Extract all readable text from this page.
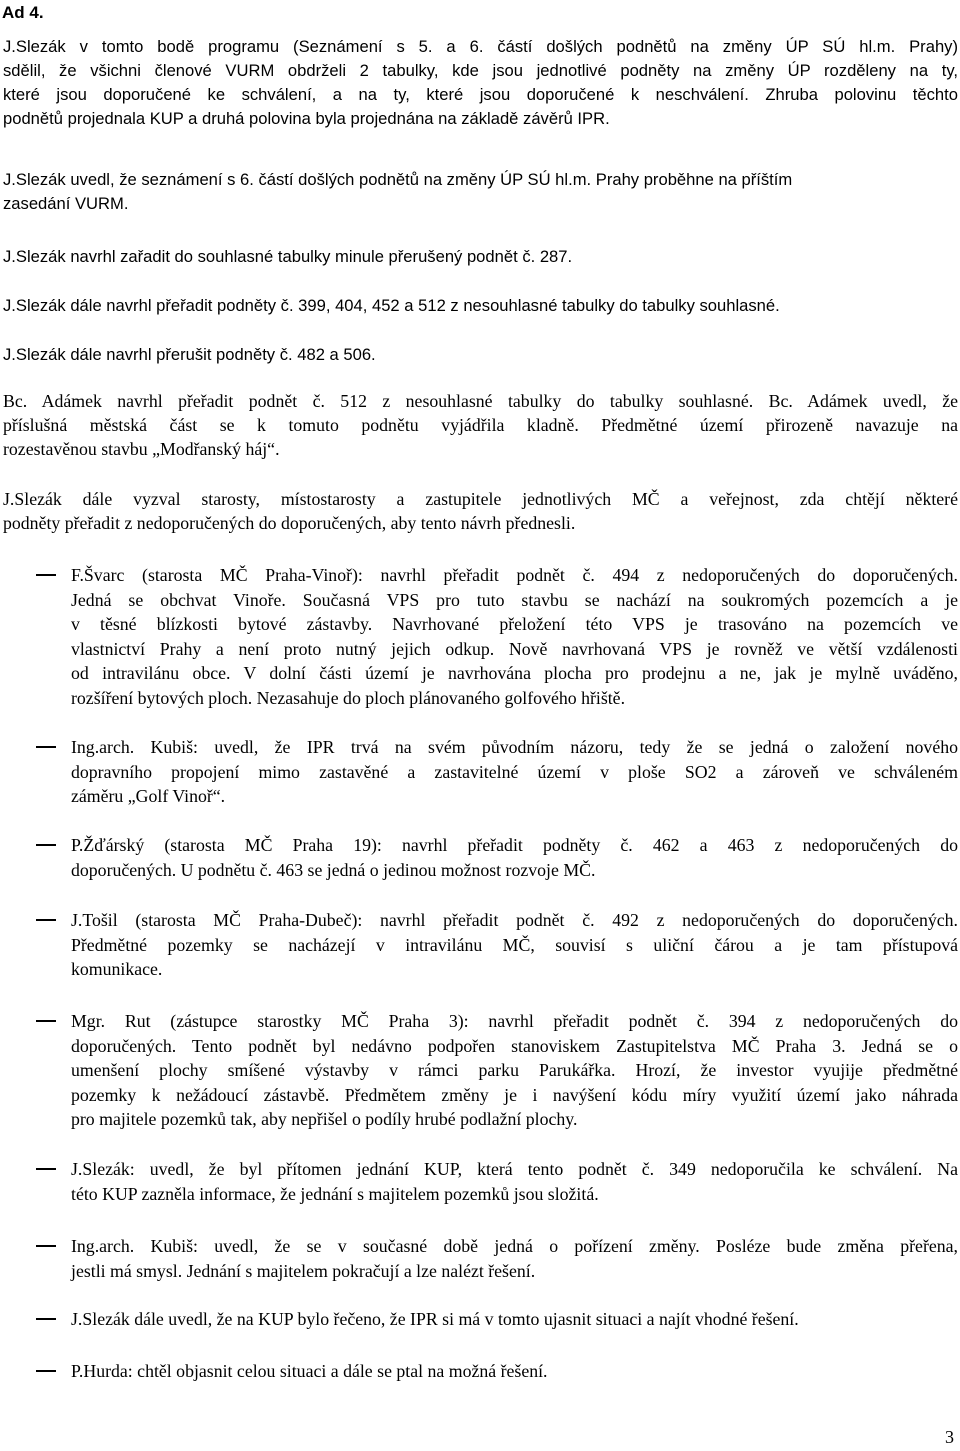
Ad 4.
J.Slezák v tomto bodě programu (Seznámení s 5. a 6. částí došlých podnětů na změny ÚP SÚ hl.m. Prahy)
sdělil, že všichni členové VURM obdrželi 2 tabulky, kde jsou jednotlivé podněty na změny ÚP rozděleny na ty,
které jsou doporučené ke schválení, a na ty, které jsou doporučené k neschválení. Zhruba polovinu těchto
podnětů projednala KUP a druhá polovina byla projednána na základě závěrů IPR.
J.Slezák uvedl, že seznámení s 6. částí došlých podnětů na změny ÚP SÚ hl.m. Prahy proběhne na příštím
zasedání VURM.
J.Slezák navrhl zařadit do souhlasné tabulky minule přerušený podnět č. 287.
J.Slezák dále navrhl přeřadit podněty č. 399, 404, 452 a 512 z nesouhlasné tabulky do tabulky souhlasné.
J.Slezák dále navrhl přerušit podněty č. 482 a 506.
Bc. Adámek navrhl přeřadit podnět č. 512 z nesouhlasné tabulky do tabulky souhlasné. Bc. Adámek uvedl, že
příslušná městská část se k tomuto podnětu vyjádřila kladně. Předmětné území přirozeně navazuje na
rozestavěnou stavbu „Modřanský háj“.
J.Slezák dále vyzval starosty, místostarosty a zastupitele jednotlivých MČ a veřejnost, zda chtějí některé
podněty přeřadit z nedoporučených do doporučených, aby tento návrh přednesli.
F.Švarc (starosta MČ Praha-Vinoř): navrhl přeřadit podnět č. 494 z nedoporučených do doporučených.
Jedná se obchvat Vinoře. Současná VPS pro tuto stavbu se nachází na soukromých pozemcích a je
v těsné blízkosti bytové zástavby. Navrhované přeložení této VPS je trasováno na pozemcích ve
vlastnictví Prahy a není proto nutný jejich odkup. Nově navrhovaná VPS je rovněž ve větší vzdálenosti
od intravilánu obce. V dolní části území je navrhována plocha pro prodejnu a ne, jak je mylně uváděno,
rozšíření bytových ploch. Nezasahuje do ploch plánovaného golfového hřiště.
Ing.arch. Kubiš: uvedl, že IPR trvá na svém původním názoru, tedy že se jedná o založení nového
dopravního propojení mimo zastavěné a zastavitelné území v ploše SO2 a zároveň ve schváleném
záměru „Golf Vinoř“.
P.Žďárský (starosta MČ Praha 19): navrhl přeřadit podněty č. 462 a 463 z nedoporučených do
doporučených. U podnětu č. 463 se jedná o jedinou možnost rozvoje MČ.
J.Tošil (starosta MČ Praha-Dubeč): navrhl přeřadit podnět č. 492 z nedoporučených do doporučených.
Předmětné pozemky se nacházejí v intravilánu MČ, souvisí s uliční čárou a je tam přístupová
komunikace.
Mgr. Rut (zástupce starostky MČ Praha 3): navrhl přeřadit podnět č. 394 z nedoporučených do
doporučených. Tento podnět byl nedávno podpořen stanoviskem Zastupitelstva MČ Praha 3. Jedná se o
umenšení plochy smíšené výstavby v rámci parku Parukářka. Hrozí, že investor vyujije předmětné
pozemky k nežádoucí zástavbě. Předmětem změny je i navýšení kódu míry využití území jako náhrada
pro majitele pozemků tak, aby nepřišel o podíly hrubé podlažní plochy.
J.Slezák: uvedl, že byl přítomen jednání KUP, která tento podnět č. 349 nedoporučila ke schválení. Na
této KUP zazněla informace, že jednání s majitelem pozemků jsou složitá.
Ing.arch. Kubiš: uvedl, že se v současné době jedná o pořízení změny. Posléze bude změna přeřena,
jestli má smysl. Jednání s majitelem pokračují a lze nalézt řešení.
J.Slezák dále uvedl, že na KUP bylo řečeno, že IPR si má v tomto ujasnit situaci a najít vhodné řešení.
P.Hurda: chtěl objasnit celou situaci a dále se ptal na možná řešení.
3
